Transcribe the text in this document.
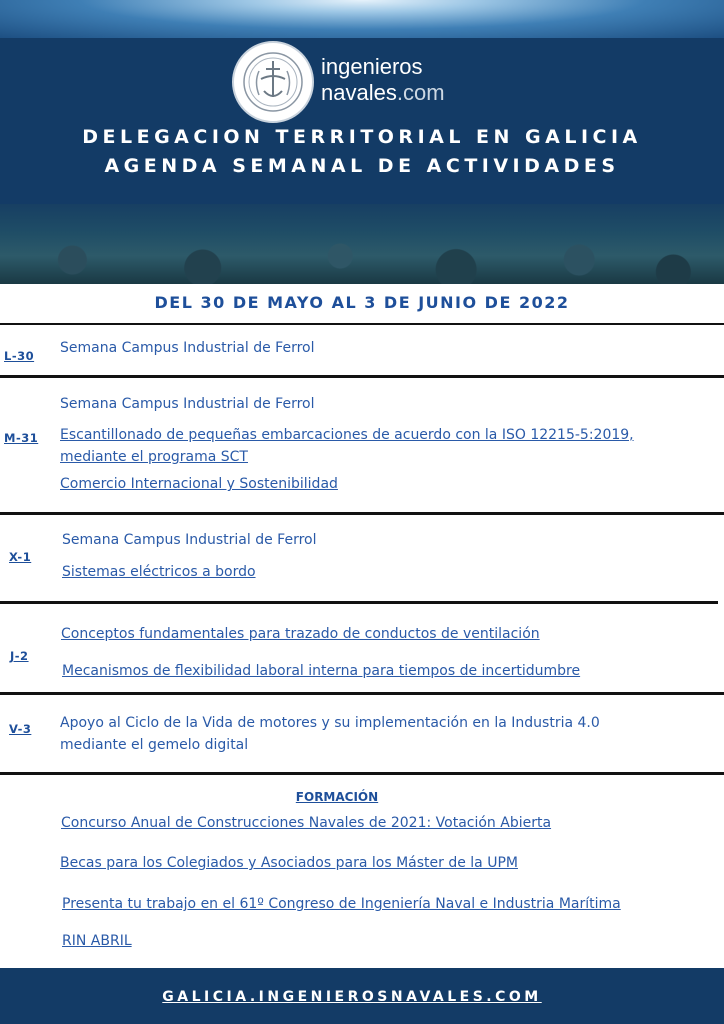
ingenieros
navales.com
DELEGACION TERRITORIAL EN GALICIA
AGENDA SEMANAL DE ACTIVIDADES
DEL 30 DE MAYO AL 3 DE JUNIO DE 2022
L-30 Semana Campus Industrial de Ferrol
M-31
Semana Campus Industrial de Ferrol
Escantillonado de pequeñas embarcaciones de acuerdo con la ISO 12215-5:2019,
mediante el programa SCT
Comercio Internacional y Sostenibilidad
X-1
Semana Campus Industrial de Ferrol
Sistemas eléctricos a bordo
J-2
Conceptos fundamentales para trazado de conductos de ventilación
Mecanismos de flexibilidad laboral interna para tiempos de incertidumbre
V-3 Apoyo al Ciclo de la Vida de motores y su implementación en la Industria 4.0
mediante el gemelo digital
FORMACIÓN
Concurso Anual de Construcciones Navales de 2021: Votación Abierta
Becas para los Colegiados y Asociados para los Máster de la UPM
Presenta tu trabajo en el 61º Congreso de Ingeniería Naval e Industria Marítima
RIN ABRIL
GALICIA.INGENIEROSNAVALES.COM
